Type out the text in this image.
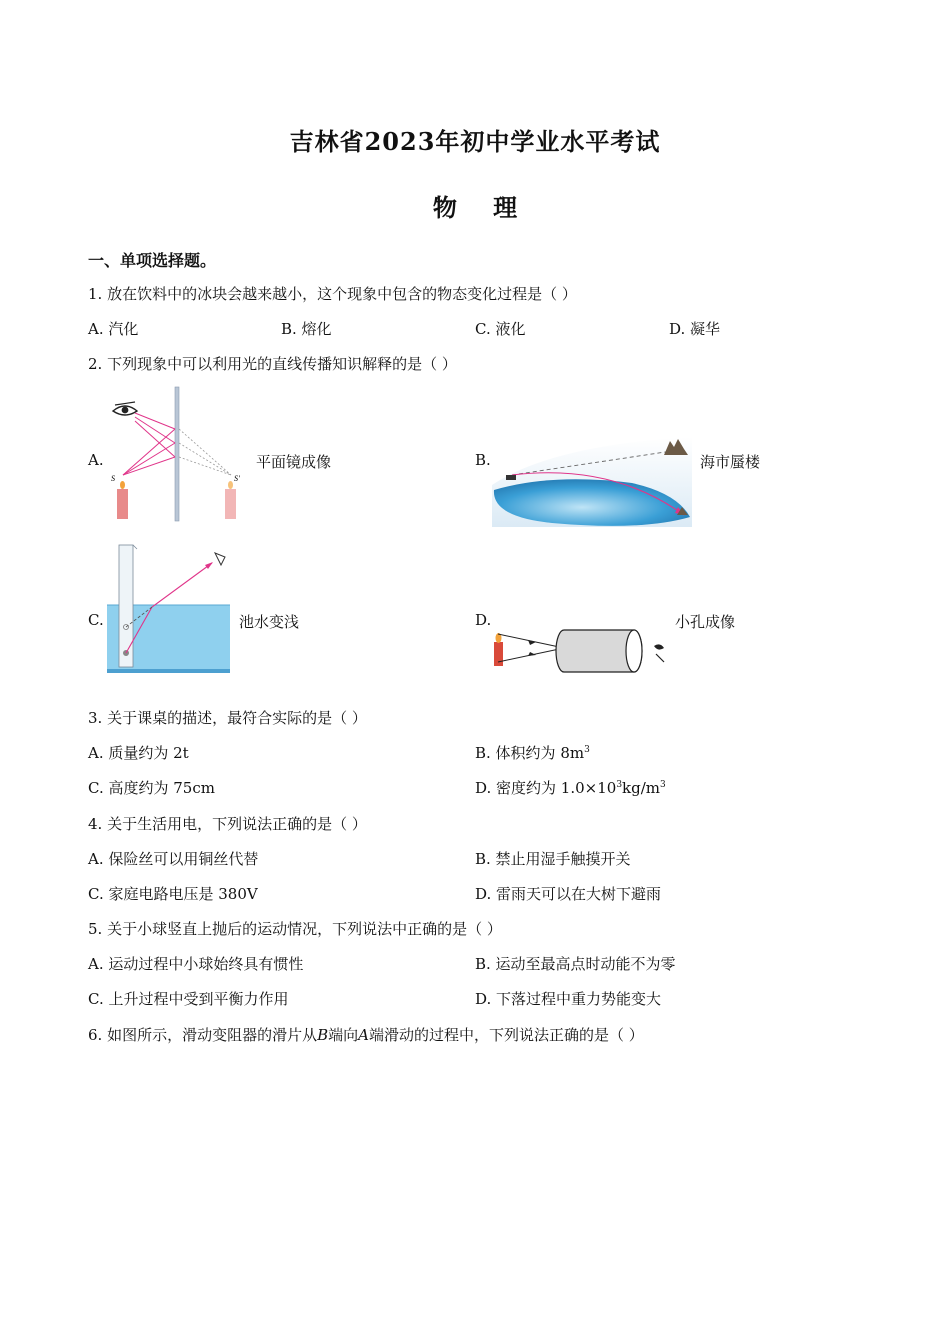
吉林省2023年初中学业水平考试
物 理
一、单项选择题。
1. 放在饮料中的冰块会越来越小，这个现象中包含的物态变化过程是（ ）
A. 汽化	B. 熔化	C. 液化	D. 凝华
2. 下列现象中可以利用光的直线传播知识解释的是（ ）
A.
S	S'
平面镜成像	B.	海市蜃楼
C.	池水变浅	D.	小孔成像
3. 关于课桌的描述，最符合实际的是（ ）
A. 质量约为 2t	B. 体积约为 $8m^3$
C. 高度约为 75cm	D. 密度约为 $1.0\times 10^3kg/m^3$
4. 关于生活用电，下列说法正确的是（ ）
A. 保险丝可以用铜丝代替	B. 禁止用湿手触摸开关
C. 家庭电路电压是 380V	D. 雷雨天可以在大树下避雨
5. 关于小球竖直上抛后的运动情况，下列说法中正确的是（ ）
A. 运动过程中小球始终具有惯性	B. 运动至最高点时动能不为零
C. 上升过程中受到平衡力作用	D. 下落过程中重力势能变大
6. 如图所示，滑动变阻器的滑片从B端向A端滑动的过程中，下列说法正确的是（ ）
